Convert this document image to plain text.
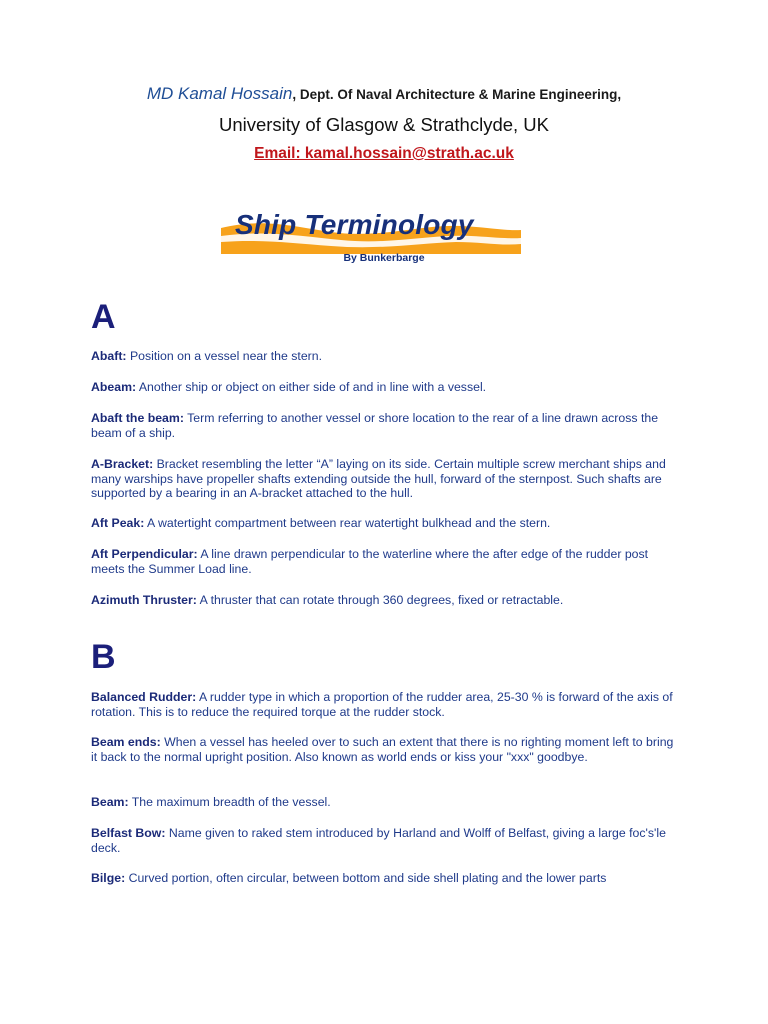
MD Kamal Hossain, Dept. Of Naval Architecture & Marine Engineering,
University of Glasgow & Strathclyde, UK
Email: kamal.hossain@strath.ac.uk
Ship Terminology
By Bunkerbarge
A
Abaft: Position on a vessel near the stern.
Abeam: Another ship or object on either side of and in line with a vessel.
Abaft the beam: Term referring to another vessel or shore location to the rear of a line drawn across the beam of a ship.
A-Bracket: Bracket resembling the letter “A” laying on its side. Certain multiple screw merchant ships and many warships have propeller shafts extending outside the hull, forward of the sternpost. Such shafts are supported by a bearing in an A-bracket attached to the hull.
Aft Peak: A watertight compartment between rear watertight bulkhead and the stern.
Aft Perpendicular: A line drawn perpendicular to the waterline where the after edge of the rudder post meets the Summer Load line.
Azimuth Thruster: A thruster that can rotate through 360 degrees, fixed or retractable.
B
Balanced Rudder: A rudder type in which a proportion of the rudder area, 25-30 % is forward of the axis of rotation. This is to reduce the required torque at the rudder stock.
Beam ends: When a vessel has heeled over to such an extent that there is no righting moment left to bring it back to the normal upright position. Also known as world ends or kiss your "xxx" goodbye.
Beam: The maximum breadth of the vessel.
Belfast Bow: Name given to raked stem introduced by Harland and Wolff of Belfast, giving a large foc's'le deck.
Bilge: Curved portion, often circular, between bottom and side shell plating and the lower parts
